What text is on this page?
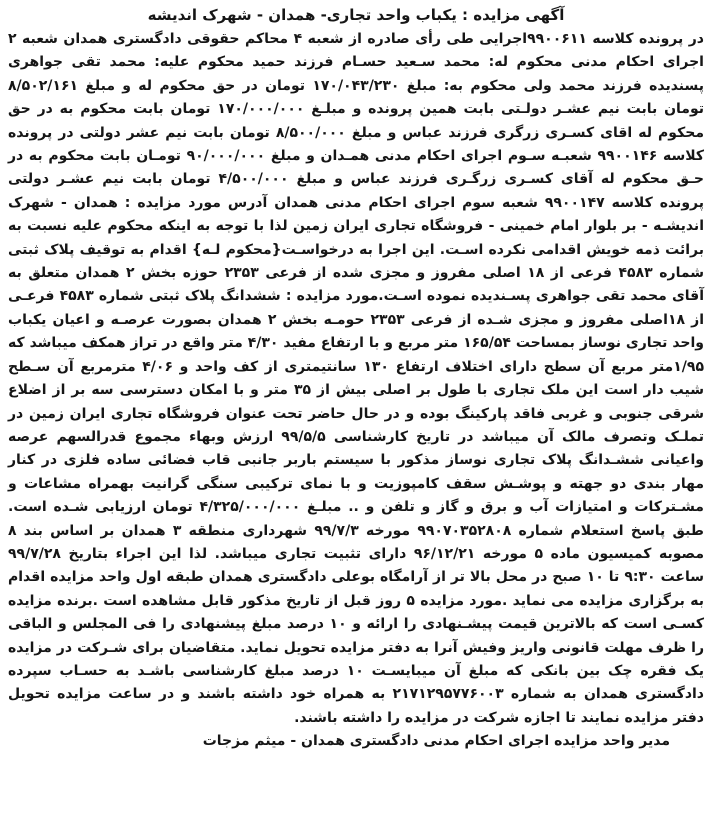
آگهی مزایده : یکباب واحد تجاری- همدان - شهرک اندیشه

در پرونده کلاسه ۹۹۰۰۶۱۱اجرایی طی رأی صادره از شعبه ۴ محاکم حقوقی دادگستری همدان شعبه ۲ اجرای احکام مدنی محکوم له: محمد سـعید حسـام فرزند حمید محکوم علیه: محمد تقی جواهری پسندیده فرزند محمد ولی محکوم به: مبلغ ۱۷۰/۰۴۳/۲۳۰ تومان در حق محکوم له و مبلغ ۸/۵۰۲/۱۶۱ تومان بابت نیم عشـر دولـتی بابت همین پرونده و مبلـغ ۱۷۰/۰۰۰/۰۰۰ تومان بابت محکوم به در حق محکوم له اقای کسـری زرگری فرزند عباس و مبلغ ۸/۵۰۰/۰۰۰ تومان بابت نیم عشر دولتی در پرونده کلاسه ۹۹۰۰۱۴۶ شعبـه سـوم اجرای احکام مدنی همـدان و مبلغ ۹۰/۰۰۰/۰۰۰ تومـان بابت محکوم به در حـق محکوم له آقای کسـری زرگـری فرزند عباس و مبلغ ۴/۵۰۰/۰۰۰ تومان بابت نیم عشـر دولتی پرونده کلاسه ۹۹۰۰۱۴۷ شعبه سوم اجرای احکام مدنی همدان آدرس مورد مزایده : همدان - شهرک اندیشـه - بر بلوار امام خمینی - فروشگاه تجاری ایران زمین لذا با توجه به اینکه محکوم علیه نسبت به برائت ذمه خویش اقدامی نکرده اسـت. این اجرا به درخواسـت{محکوم لـه} اقدام به توقیف پلاک ثبتی شماره ۴۵۸۳ فرعی از ۱۸ اصلی مفروز و مجزی شده از فرعی ۲۳۵۳ حوزه بخش ۲ همدان متعلق به آقای محمد تقی جواهری پسـندیده نموده اسـت.مورد مزایده : ششدانگ پلاک ثبتی شماره ۴۵۸۳ فرعـی از ۱۸اصلی مفروز و مجزی شـده از فرعی ۲۳۵۳ حومـه بخش ۲ همدان بصورت عرصـه و اعیان یکباب واحد تجاری نوساز بمساحت ۱۶۵/۵۴ متر مربع و با ارتفاع مفید ۴/۳۰ متر واقع در تراز همکف میباشد که ۱/۹۵متر مربع آن سطح دارای اختلاف ارتفاع ۱۳۰ سانتیمتری از کف واحد و ۴/۰۶ مترمربع آن سـطح شیب دار است این ملک تجاری با طول بر اصلی بیش از ۳۵ متر و با امکان دسترسی سه بر از اضلاع شرقی جنوبی و غربی فاقد پارکینگ بوده و در حال حاضر تحت عنوان فروشگاه تجاری ایران زمین در تملـک وتصرف مالک آن میباشد در تاریخ کارشناسی ۹۹/۵/۵ ارزش وبهاء مجموع قدرالسهم عرصه واعیانی ششـدانگ پلاک تجاری نوساز مذکور با سیستم باربر جانبی قاب فضائی ساده فلزی در کنار مهار بندی دو جهته و پوشـش سقف کامپوزیت و با نمای ترکیبی سنگی گرانیت بهمراه مشاعات و مشـترکات و امتیازات آب و برق و گاز و تلفن و .. مبلـغ ۴/۳۲۵/۰۰۰/۰۰۰ تومان ارزیابی شـده است. طبق پاسخ استعلام شماره ۹۹۰۷۰۳۵۲۸۰۸ مورخه ۹۹/۷/۳ شهرداری منطقه ۳ همدان بر اساس بند ۸ مصوبه کمیسیون ماده ۵ مورخه ۹۶/۱۲/۲۱ دارای تثبیت تجاری میباشد. لذا این اجراء بتاریخ ۹۹/۷/۲۸ ساعت ۹:۳۰ تا ۱۰ صبح در محل بالا تر از آرامگاه بوعلی دادگستری همدان طبقه اول واحد مزایده اقدام به برگزاری مزایده می نماید .مورد مزایده ۵ روز قبل از تاریخ مذکور قابل مشاهده است .برنده مزایده کسـی است که بالاترین قیمت پیشـنهادی را ارائه و ۱۰ درصد مبلغ پیشنهادی را فی المجلس و الباقی را ظرف مهلت قانونی واریز وفیش آنرا به دفتر مزایده تحویل نماید. متقاضیان برای شـرکت در مزایده یک فقره چک بین بانکی که مبلغ آن میبایسـت ۱۰ درصد مبلغ کارشناسی باشـد به حسـاب سپرده دادگستری همدان به شماره ۲۱۷۱۲۹۵۷۷۶۰۰۳ به همراه خود داشته باشند و در ساعت مزایده تحویل دفتر مزایده نمایند تا اجازه شرکت در مزایده را داشته باشند.

مدیر واحد مزایده اجرای احکام مدنی دادگستری همدان - میثم مزجات
